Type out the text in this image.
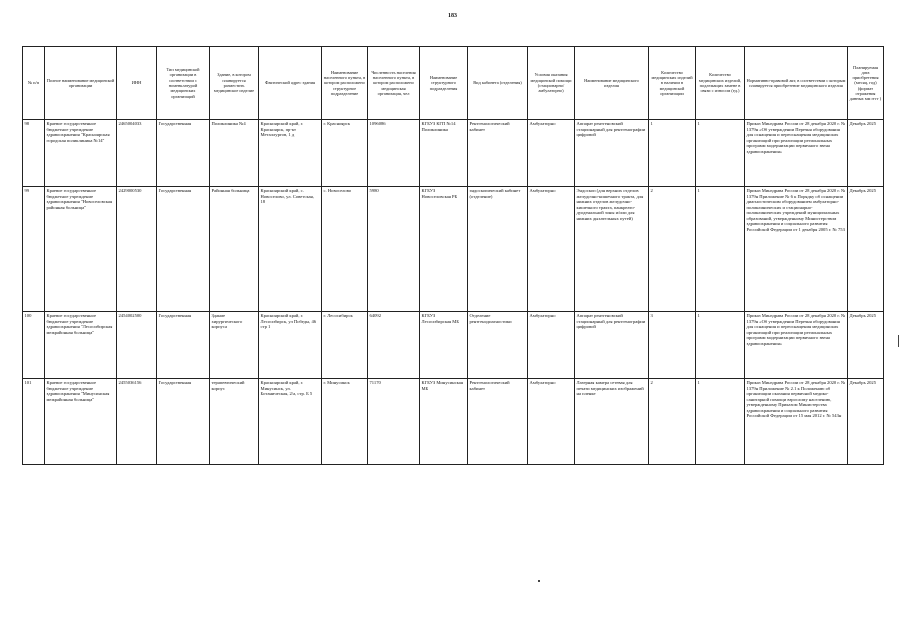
183
№ п/п	Полное наименование медицинской организации	ИНН	Тип медицинской организации в соответствии с номенклатурой медицинских организаций	Здание, в котором планируется разместить медицинское изделие	Фактический адрес здания	Наименование населенного пункта, в котором расположено структурное подразделение	Численность населения населенного пункта, в котором расположено медицинская организация, чел	Наименование структурного подразделения	Вид кабинета (отделения)	Условия оказания медицинской помощи (стационарно/ амбулаторно)	Наименование медицинского изделия	Количество медицинских изделий в наличии в медицинской организации	Количество медицинских изделий, подлежащих замене в связи с износом (ед.)	Нормативно-правовой акт, в соответствии с которым планируется приобретение медицинского изделия	Планируемая дата приобретения (месяц, год) (формат отражения данных мм гггг )
98	Краевое государственное бюджетное учреждение здравоохранения "Красноярская городская поликлиника №14"	2465004033	Государственная	Поликлиника №4	Красноярский край, г. Красноярск, пр-кт Металлургов, 1 д	г. Красноярск	1096086	КГБУЗ КГП №14 Поликлиника	Рентгенологический кабинет	Амбулаторно	Аппарат рентгеновский стационарный для рентгенографии цифровой	1	1	Приказ Минздрава России от 28 декабря 2020 г. № 1379н «Об утверждении Перечня оборудования для оснащения и переоснащения медицинских организаций при реализации региональных программ модернизации первичного звена здравоохранения»	Декабрь 2025
99	Краевое государственное бюджетное учреждение здравоохранения "Новоселовская районная больница"	2429000530	Государственная	Районная больница	Красноярский край, с. Новоселово, ул. Советская, 18	с. Новоселово	5980	КГБУЗ Новоселовская РБ	эндоскопический кабинет (отделение)	Амбулаторно	Эндоскоп (для верхних отделов желудочно-кишечного тракта, для нижних отделов желудочно-кишечного тракта, панкреато-дуоденальной зоны и/или для нижних дыхательных путей)	2	1	Приказ Минздрава России от 28 декабря 2020 г. № 1379н Приложение № 6 к Порядку об оснащении диагностическим оборудованием амбулаторно-поликлинических и стационарно-поликлинических учреждений муниципальных образований, утвержденному Министерством здравоохранения и социального развития Российской Федерации от 1 декабря 2005 г. № 753	Декабрь 2025
100	Краевое государственное бюджетное учреждение здравоохранения "Лесосибирская межрайонная больница"	2454002500	Государственная	Здание хирургического корпуса	Красноярский край, г. Лесосибирск, ул Победы, 46 стр 1	г. Лесосибирск	64092	КГБУЗ Лесосибирская МБ	Отделение рентгенодиагностики	Амбулаторно	Аппарат рентгеновский стационарный для рентгенографии цифровой	3	1	Приказ Минздрава России от 28 декабря 2020 г. № 1379н «Об утверждении Перечня оборудования для оснащения и переоснащения медицинских организаций при реализации региональных программ модернизации первичного звена здравоохранения»	Декабрь 2025
101	Краевое государственное бюджетное учреждение здравоохранения "Минусинская межрайонная больница"	2455036156	Государственная	терапевтический корпус	Красноярский край, г. Минусинск, ул. Ботаническая, 2/а, стр. Б 5	г. Минусинск	71170	КГБУЗ Минусинская МБ	Рентгенологический кабинет	Амбулаторно	Лазерная камера сетевая для печати медицинских изображений на пленке	2	1	Приказ Минздрава России от 28 декабря 2020 г. № 1379н Приложение № 2.1 к Положению об организации оказания первичной медико-санитарной помощи взрослому населению, утвержденному Приказом Министерства здравоохранения и социального развития Российской Федерации от 15 мая 2012 г. № 543н	Декабрь 2025
